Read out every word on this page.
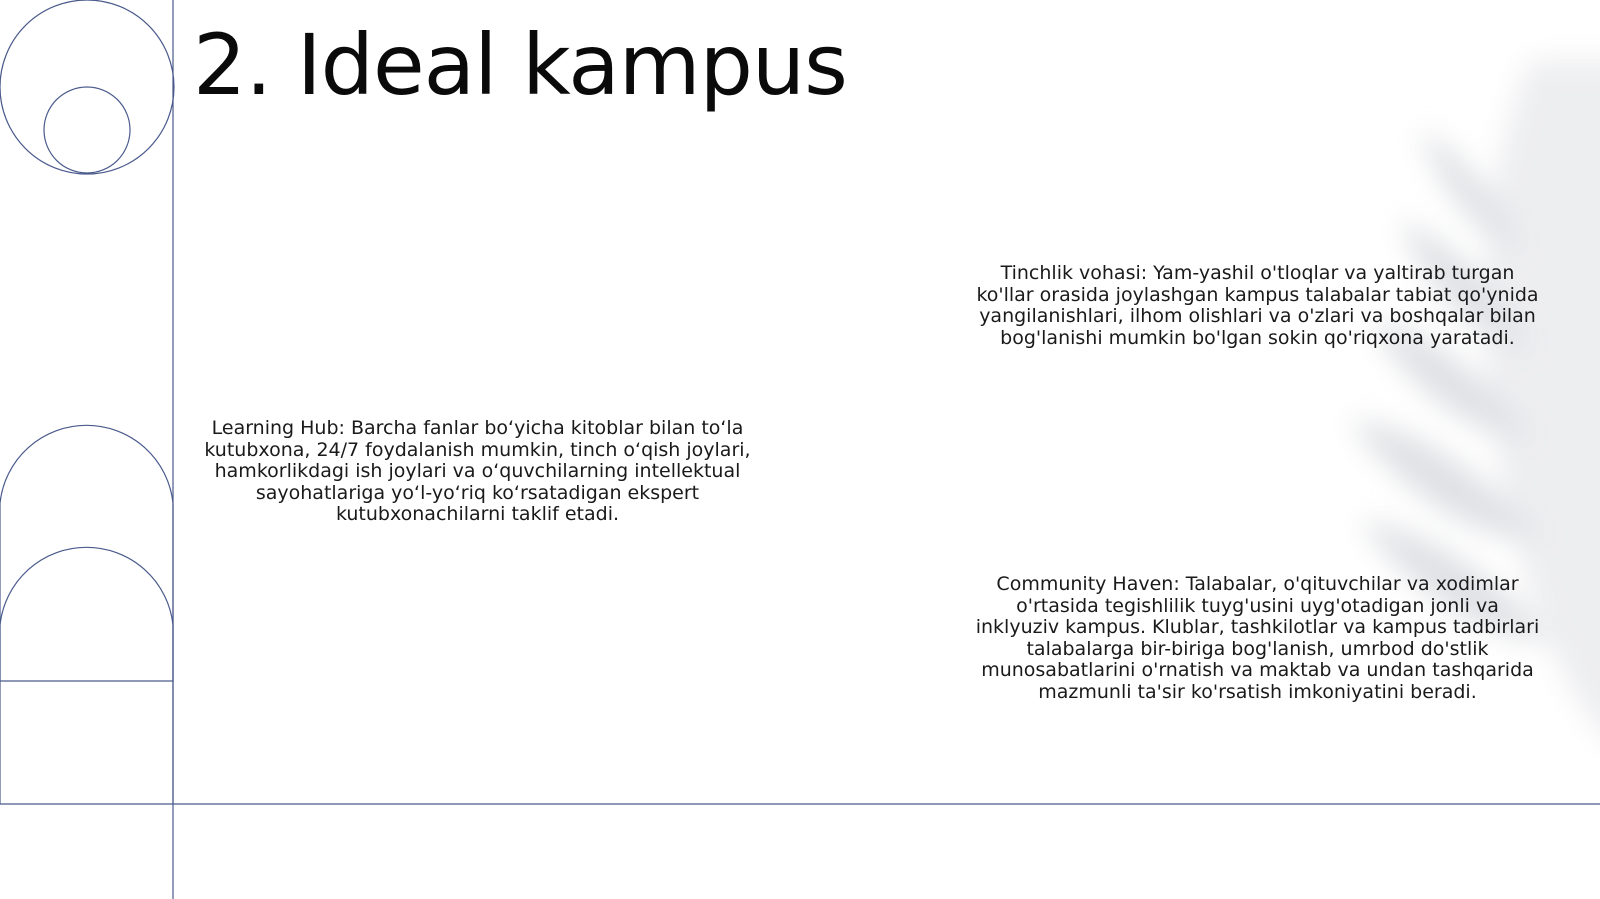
2. Ideal kampus

Learning Hub: Barcha fanlar bo‘yicha kitoblar bilan to‘la kutubxona, 24/7 foydalanish mumkin, tinch o‘qish joylari, hamkorlikdagi ish joylari va o‘quvchilarning intellektual sayohatlariga yo‘l-yo‘riq ko‘rsatadigan ekspert kutubxonachilarni taklif etadi.

Tinchlik vohasi: Yam-yashil o'tloqlar va yaltirab turgan ko'llar orasida joylashgan kampus talabalar tabiat qo'ynida yangilanishlari, ilhom olishlari va o'zlari va boshqalar bilan bog'lanishi mumkin bo'lgan sokin qo'riqxona yaratadi.

Community Haven: Talabalar, o'qituvchilar va xodimlar o'rtasida tegishlilik tuyg'usini uyg'otadigan jonli va inklyuziv kampus. Klublar, tashkilotlar va kampus tadbirlari talabalarga bir-biriga bog'lanish, umrbod do'stlik munosabatlarini o'rnatish va maktab va undan tashqarida mazmunli ta'sir ko'rsatish imkoniyatini beradi.
